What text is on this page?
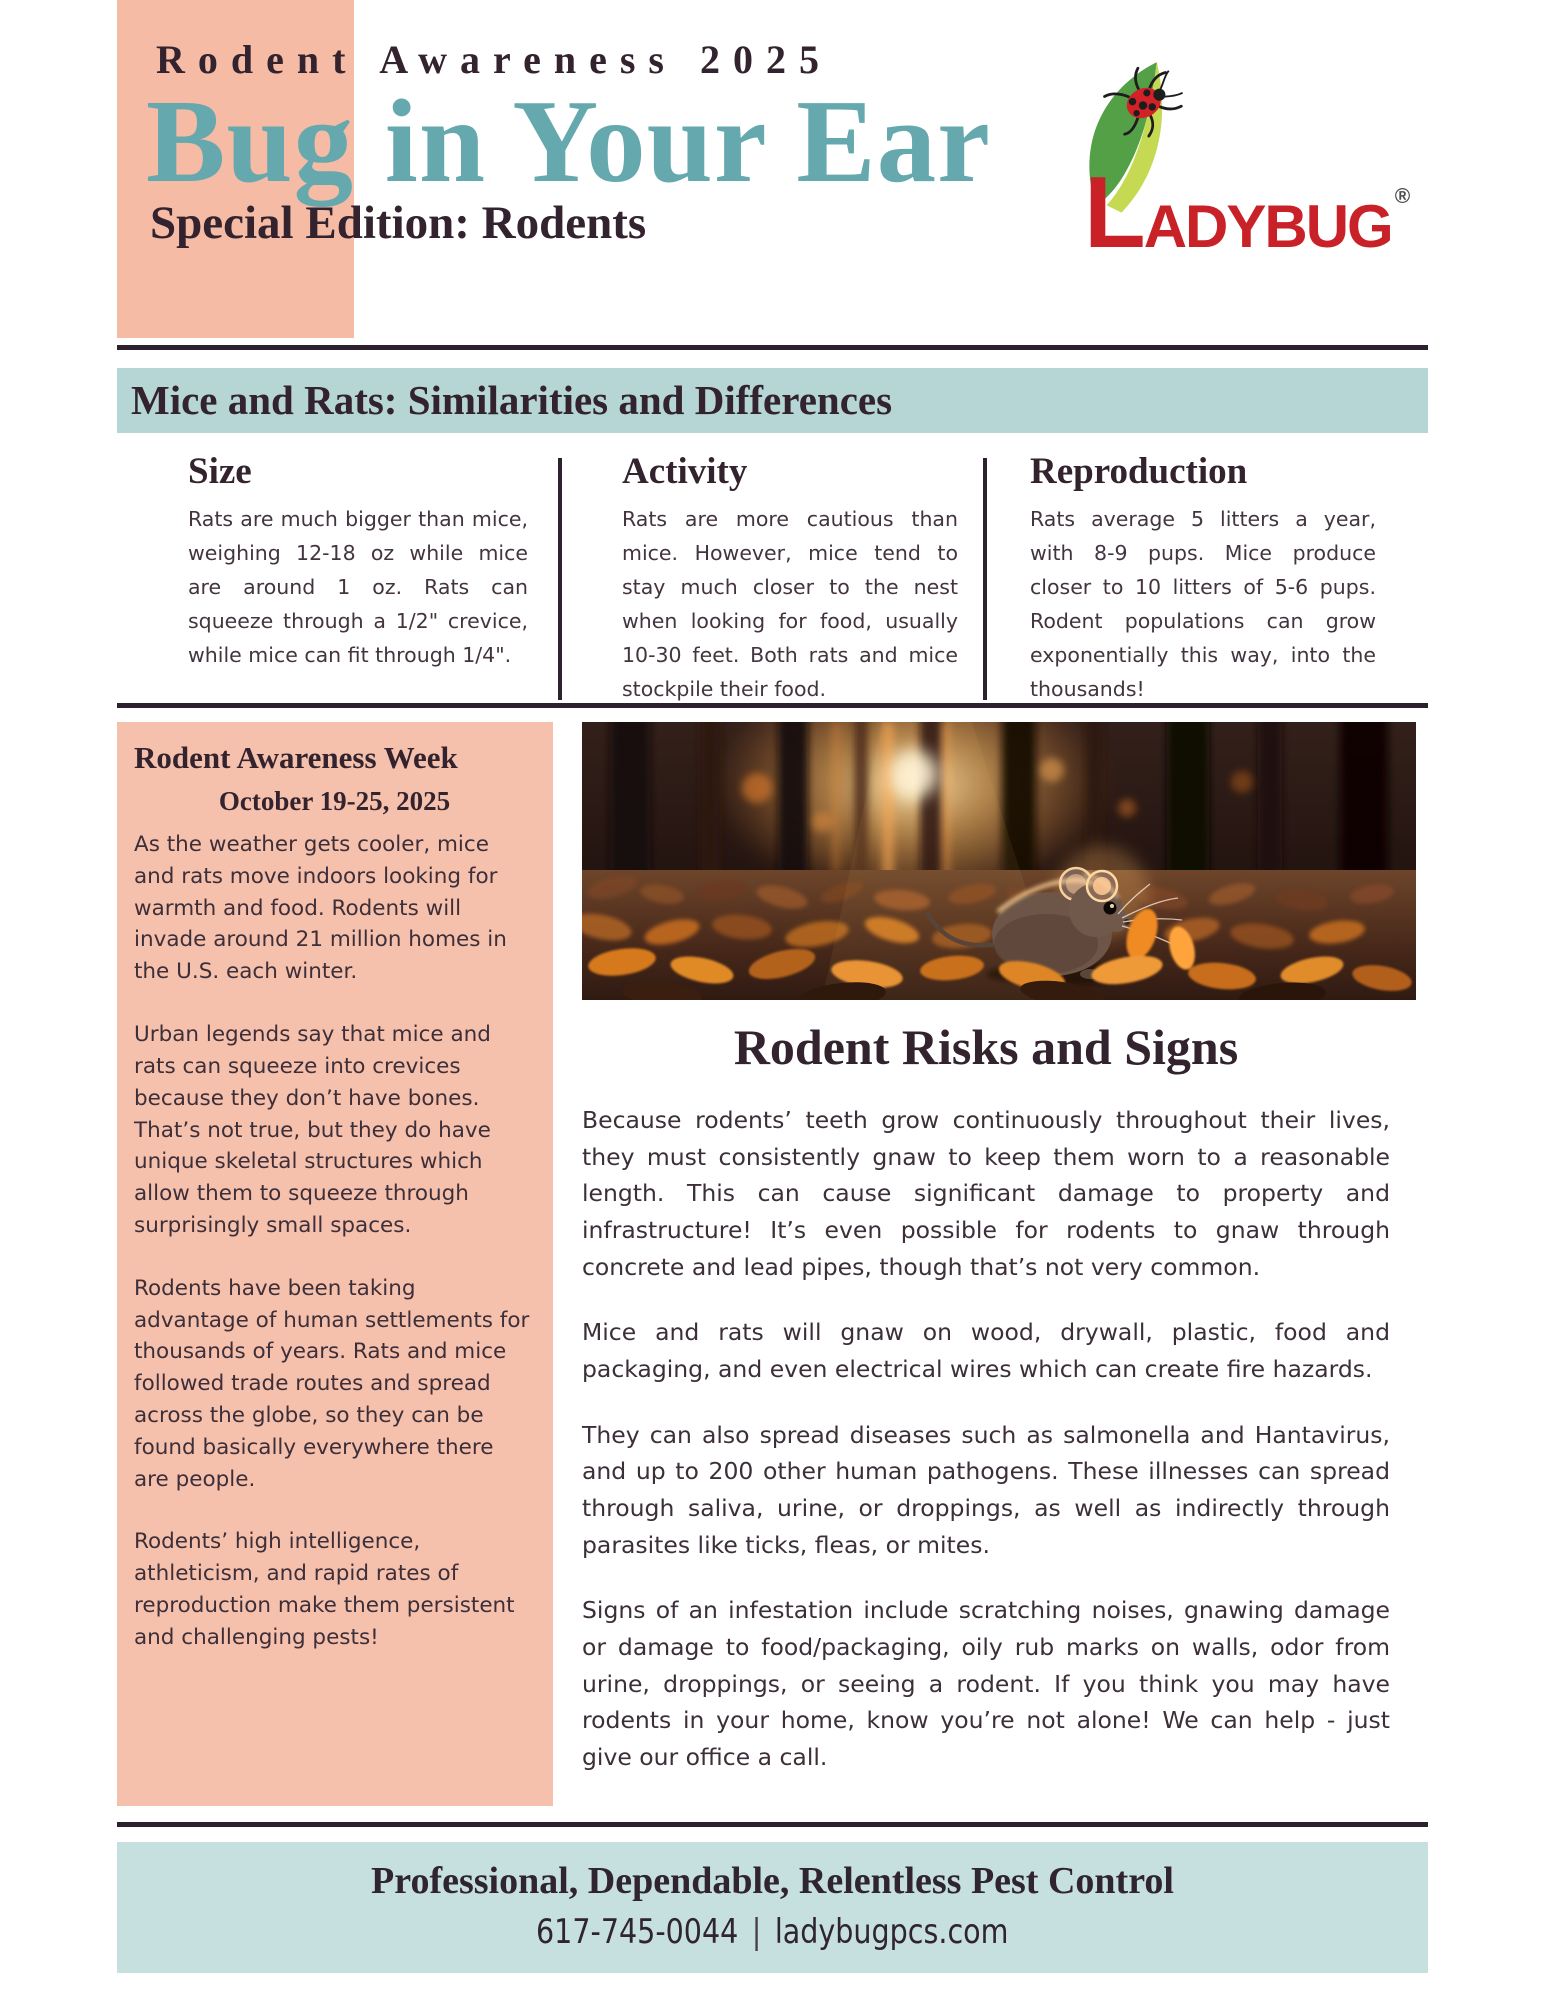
Rodent Awareness 2025
Bug in Your Ear
Special Edition: Rodents	LADYBUG ®
Mice and Rats: Similarities and Differences
Size
Rats are much bigger than mice, weighing 12-18 oz while mice are around 1 oz. Rats can squeeze through a 1/2" crevice, while mice can fit through 1/4".
Activity
Rats are more cautious than mice. However, mice tend to stay much closer to the nest when looking for food, usually 10-30 feet. Both rats and mice stockpile their food.
Reproduction
Rats average 5 litters a year, with 8-9 pups. Mice produce closer to 10 litters of 5-6 pups. Rodent populations can grow exponentially this way, into the thousands!
Rodent Awareness Week
October 19-25, 2025

As the weather gets cooler, mice and rats move indoors looking for warmth and food. Rodents will invade around 21 million homes in the U.S. each winter.

Urban legends say that mice and rats can squeeze into crevices because they don’t have bones. That’s not true, but they do have unique skeletal structures which allow them to squeeze through surprisingly small spaces.

Rodents have been taking advantage of human settlements for thousands of years. Rats and mice followed trade routes and spread across the globe, so they can be found basically everywhere there are people.

Rodents’ high intelligence, athleticism, and rapid rates of reproduction make them persistent and challenging pests!

Rodent Risks and Signs

Because rodents’ teeth grow continuously throughout their lives, they must consistently gnaw to keep them worn to a reasonable length. This can cause significant damage to property and infrastructure! It’s even possible for rodents to gnaw through concrete and lead pipes, though that’s not very common.

Mice and rats will gnaw on wood, drywall, plastic, food and packaging, and even electrical wires which can create fire hazards.

They can also spread diseases such as salmonella and Hantavirus, and up to 200 other human pathogens. These illnesses can spread through saliva, urine, or droppings, as well as indirectly through parasites like ticks, fleas, or mites.

Signs of an infestation include scratching noises, gnawing damage or damage to food/packaging, oily rub marks on walls, odor from urine, droppings, or seeing a rodent. If you think you may have rodents in your home, know you’re not alone! We can help - just give our office a call.

Professional, Dependable, Relentless Pest Control
617-745-0044 | ladybugpcs.com
